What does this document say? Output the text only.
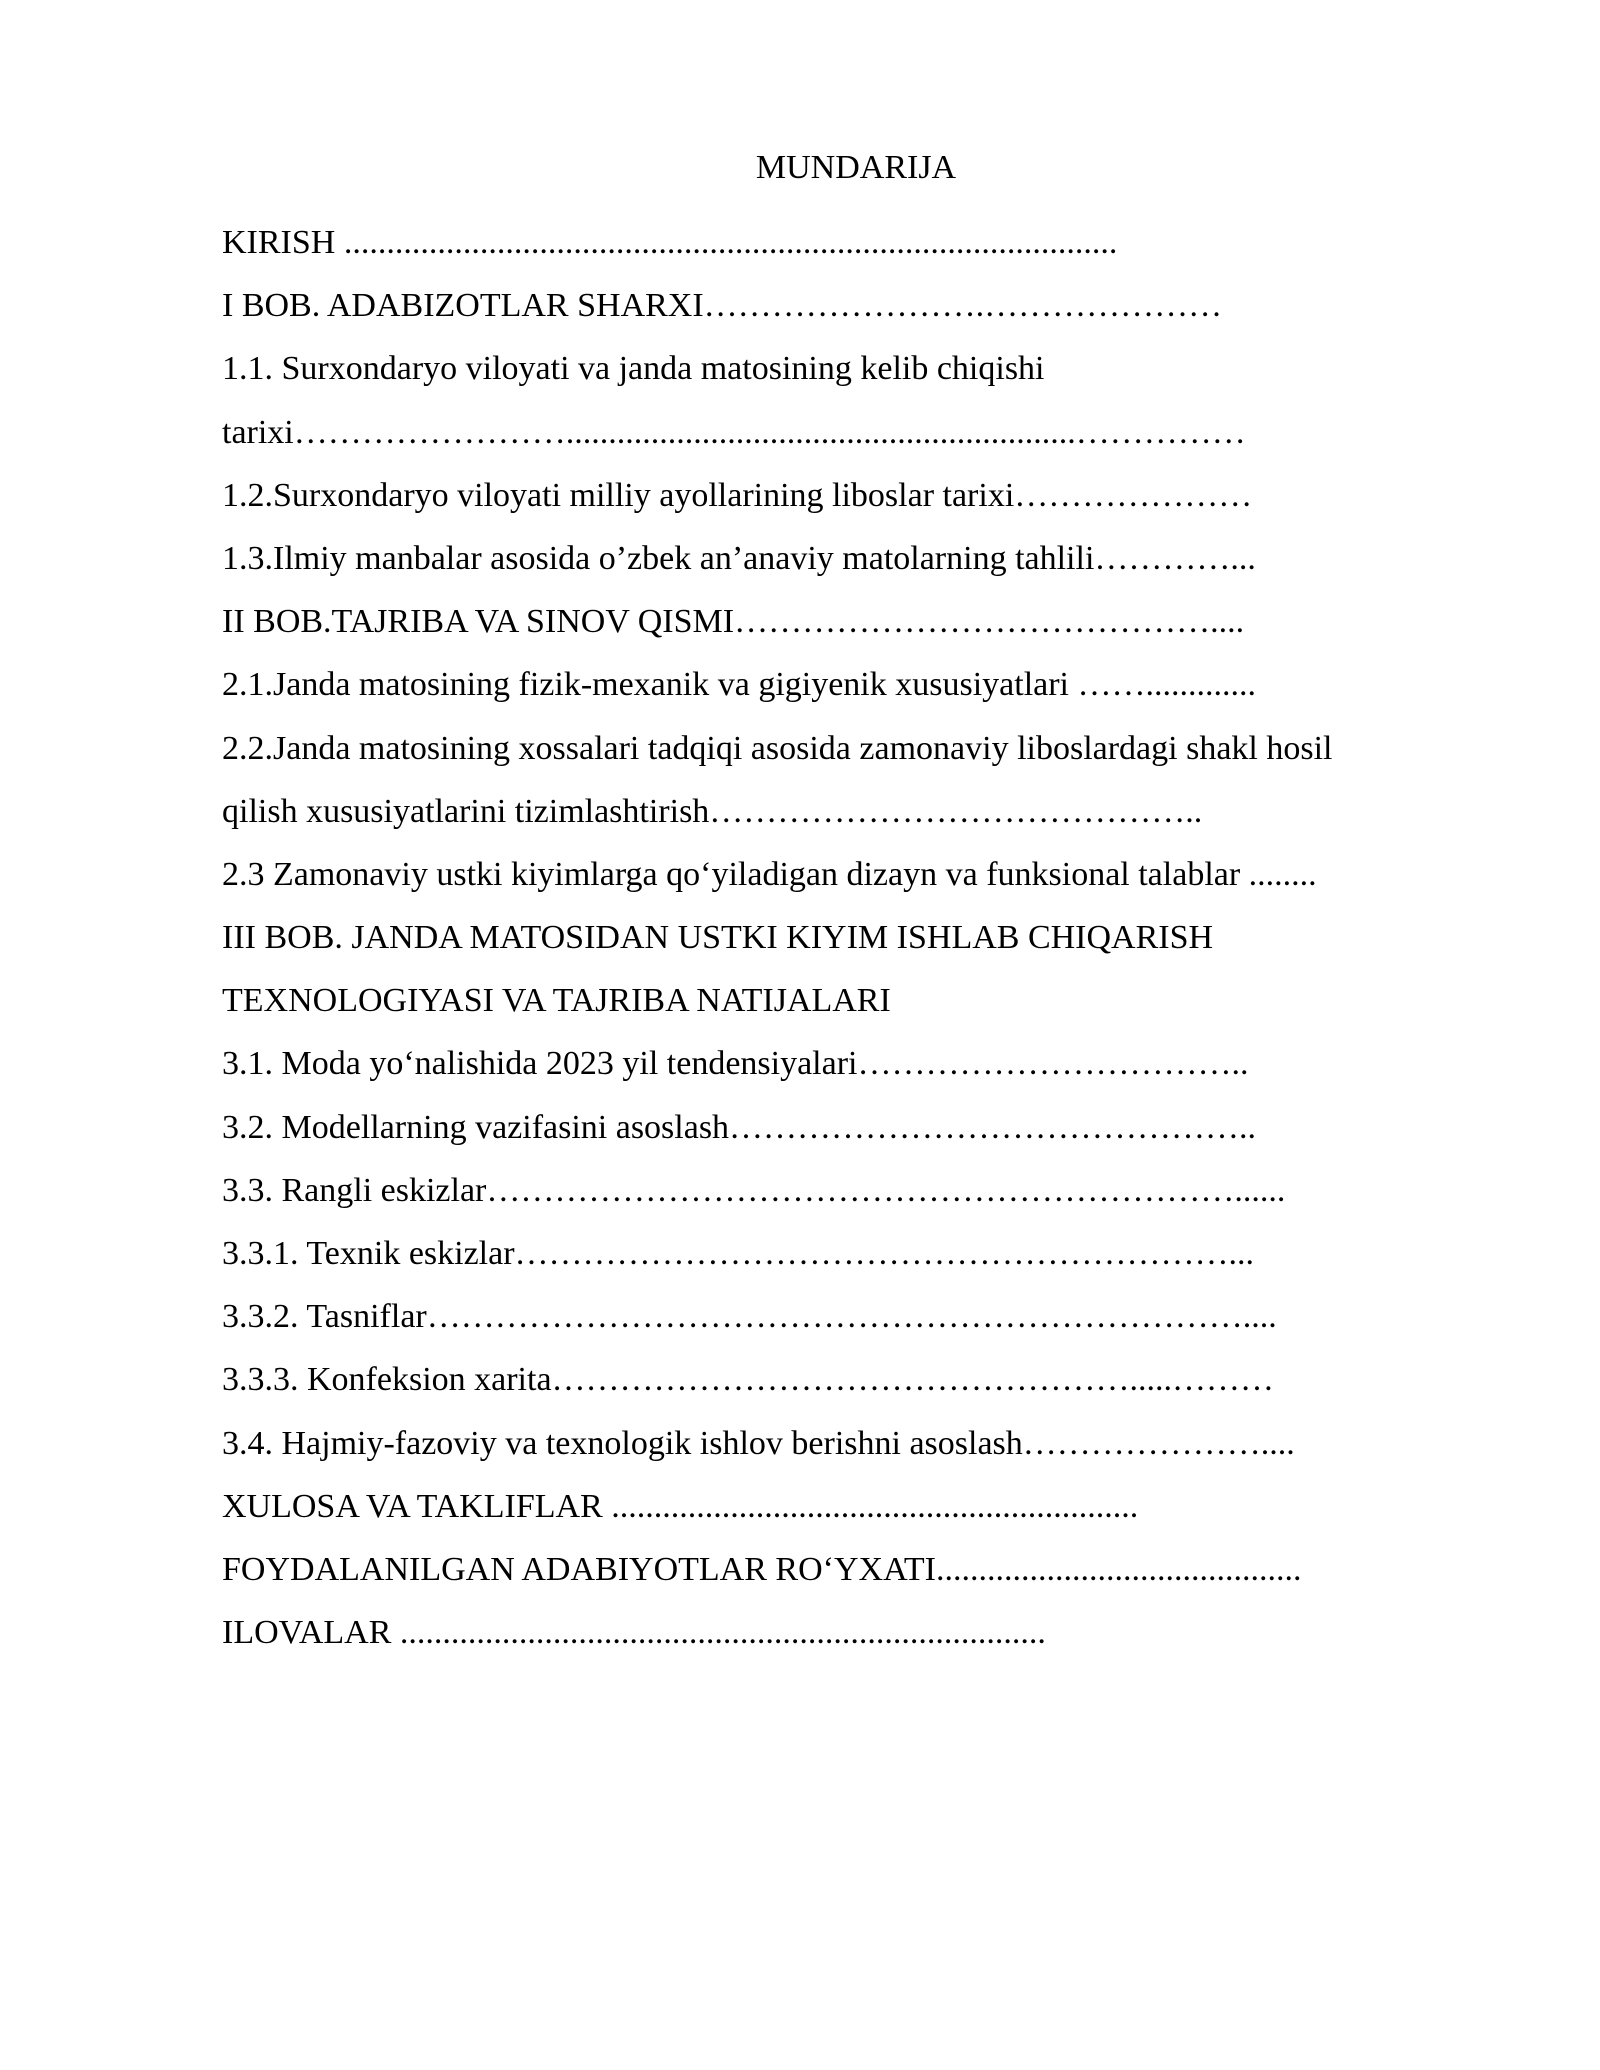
MUNDARIJA
KIRISH ...........................................................................................
I BOB. ADABIZOTLAR SHARXI…………………….…………………
1.1. Surxondaryo viloyati va janda matosining kelib chiqishi
tarixi……………………............................................................……………
1.2.Surxondaryo viloyati milliy ayollarining liboslar tarixi…………………
1.3.Ilmiy manbalar asosida o’zbek an’anaviy matolarning tahlili…………...
II BOB.TAJRIBA VA SINOV QISMI……………………………………....
2.1.Janda matosining fizik-mexanik va gigiyenik xususiyatlari …….............
2.2.Janda matosining xossalari tadqiqi asosida zamonaviy liboslardagi shakl hosil
qilish xususiyatlarini tizimlashtirish……………………………………..
2.3 Zamonaviy ustki kiyimlarga qo‘yiladigan dizayn va funksional talablar ........
III BOB. JANDA MATOSIDAN USTKI KIYIM ISHLAB CHIQARISH
TEXNOLOGIYASI VA TAJRIBA NATIJALARI
3.1. Moda yo‘nalishida 2023 yil tendensiyalari……………………………..
3.2. Modellarning vazifasini asoslash………………………………………..
3.3. Rangli eskizlar…………………………………………………………......
3.3.1. Texnik eskizlar………………………………………………………...
3.3.2. Tasniflar………………………………………………………………....
3.3.3. Konfeksion xarita…………………………………………….....………
3.4. Hajmiy-fazoviy va texnologik ishlov berishni asoslash…………………....
XULOSA VA TAKLIFLAR ..............................................................
FOYDALANILGAN ADABIYOTLAR RO‘YXATI...........................................
ILOVALAR ............................................................................
